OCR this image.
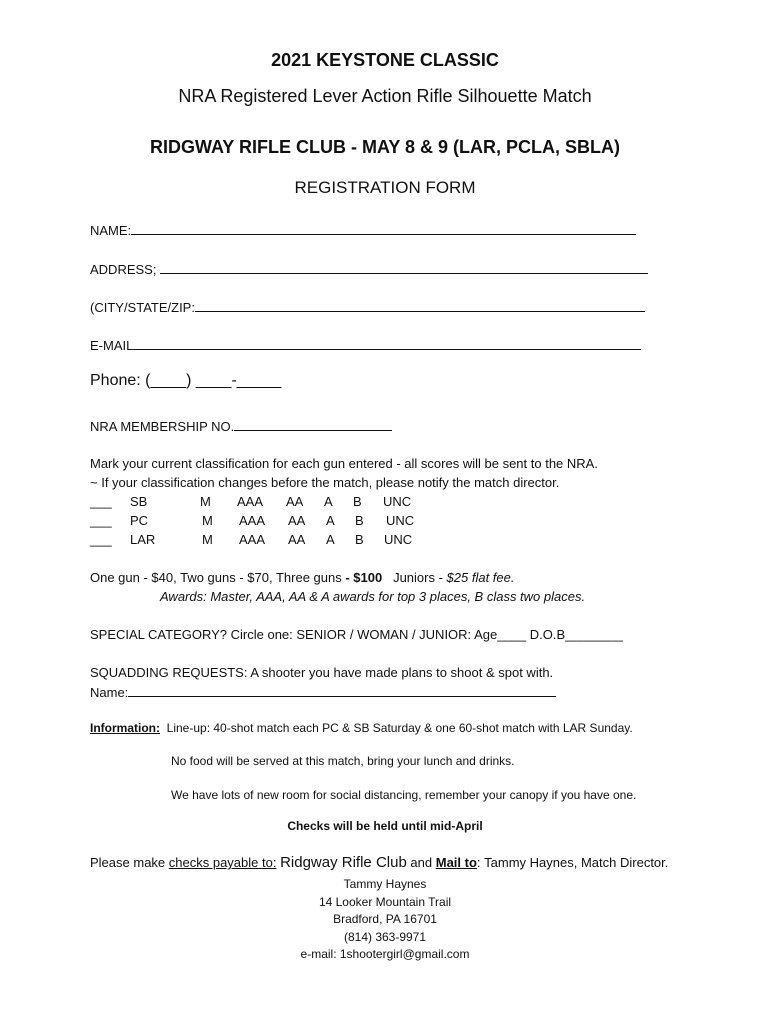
2021 KEYSTONE CLASSIC
NRA Registered Lever Action Rifle Silhouette Match
RIDGWAY RIFLE CLUB - MAY 8 & 9 (LAR, PCLA, SBLA)
REGISTRATION FORM
NAME:
ADDRESS;
(CITY/STATE/ZIP:
E-MAIL
Phone: (____) ____-_____
NRA MEMBERSHIP NO.
Mark your current classification for each gun entered - all scores will be sent to the NRA.
~ If your classification changes before the match, please notify the match director.
___ SB	M AAA AA A B UNC
___ PC	M AAA AA A B UNC
___ LAR	M AAA AA A B UNC
One gun - $40, Two guns - $70, Three guns - $100 Juniors - $25 flat fee.
Awards: Master, AAA, AA & A awards for top 3 places, B class two places.
SPECIAL CATEGORY? Circle one: SENIOR / WOMAN / JUNIOR: Age____ D.O.B________
SQUADDING REQUESTS: A shooter you have made plans to shoot & spot with.
Name:
Information: Line-up: 40-shot match each PC & SB Saturday & one 60-shot match with LAR Sunday.
No food will be served at this match, bring your lunch and drinks.
We have lots of new room for social distancing, remember your canopy if you have one.
Checks will be held until mid-April
Please make checks payable to: Ridgway Rifle Club and Mail to: Tammy Haynes, Match Director.
Tammy Haynes
14 Looker Mountain Trail
Bradford, PA 16701
(814) 363-9971
e-mail: 1shootergirl@gmail.com
